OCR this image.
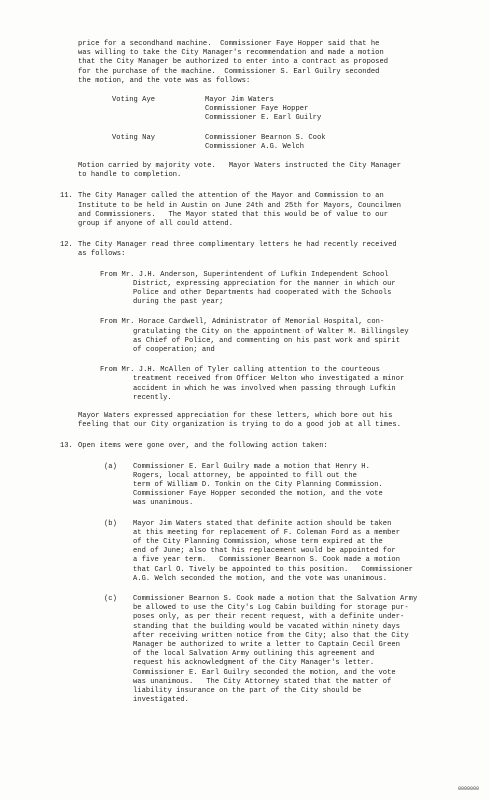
price for a secondhand machine.  Commissioner Faye Hopper said that he
was willing to take the City Manager's recommendation and made a motion
that the City Manager be authorized to enter into a contract as proposed
for the purchase of the machine.  Commissioner S. Earl Guilry seconded
the motion, and the vote was as follows:
Voting Aye	Mayor Jim Waters
Commissioner Faye Hopper
Commissioner E. Earl Guilry
Voting Nay	Commissioner Bearnon S. Cook
Commissioner A.G. Welch
Motion carried by majority vote.   Mayor Waters instructed the City Manager
to handle to completion.
11. The City Manager called the attention of the Mayor and Commission to an
Institute to be held in Austin on June 24th and 25th for Mayors, Councilmen
and Commissioners.   The Mayor stated that this would be of value to our
group if anyone of all could attend.
12. The City Manager read three complimentary letters he had recently received
as follows:
From Mr. J.H. Anderson, Superintendent of Lufkin Independent School
District, expressing appreciation for the manner in which our
Police and other Departments had cooperated with the Schools
during the past year;
From Mr. Horace Cardwell, Administrator of Memorial Hospital, con-
gratulating the City on the appointment of Walter M. Billingsley
as Chief of Police, and commenting on his past work and spirit
of cooperation; and
From Mr. J.H. McAllen of Tyler calling attention to the courteous
treatment received from Officer Welton who investigated a minor
accident in which he was involved when passing through Lufkin
recently.
Mayor Waters expressed appreciation for these letters, which bore out his
feeling that our City organization is trying to do a good job at all times.
13. Open items were gone over, and the following action taken:
(a) Commissioner E. Earl Guilry made a motion that Henry H.
Rogers, local attorney, be appointed to fill out the
term of William D. Tonkin on the City Planning Commission.
Commissioner Faye Hopper seconded the motion, and the vote
was unanimous.
(b) Mayor Jim Waters stated that definite action should be taken
at this meeting for replacement of F. Coleman Ford as a member
of the City Planning Commission, whose term expired at the
end of June; also that his replacement would be appointed for
a five year term.   Commissioner Bearnon S. Cook made a motion
that Carl O. Tively be appointed to this position.   Commissioner
A.G. Welch seconded the motion, and the vote was unanimous.
(c) Commissioner Bearnon S. Cook made a motion that the Salvation Army
be allowed to use the City's Log Cabin building for storage pur-
poses only, as per their recent request, with a definite under-
standing that the building would be vacated within ninety days
after receiving written notice from the City; also that the City
Manager be authorized to write a letter to Captain Cecil Green
of the local Salvation Army outlining this agreement and
request his acknowledgment of the City Manager's letter.
Commissioner E. Earl Guilry seconded the motion, and the vote
was unanimous.   The City Attorney stated that the matter of
liability insurance on the part of the City should be
investigated.
0000000
